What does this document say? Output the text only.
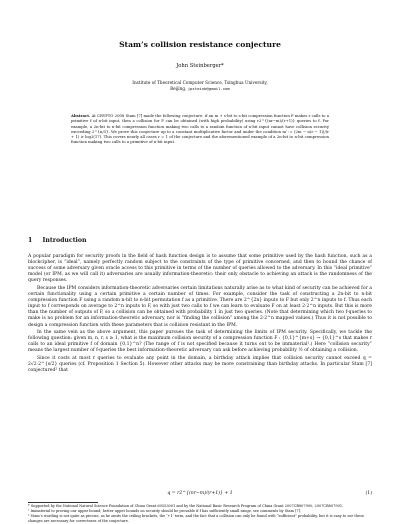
Stam’s collision resistance conjecture
John Steinberger*
Institute of Theoretical Computer Science, Tsinghua University,
Beijing, jpsteinb@gmail.com
Abstract. At CRYPTO 2008 Stam [7] made the following conjecture: if an m + s-bit to s-bit compression function F makes r calls to a primitive f of n-bit input, then a collision for F can be obtained (with high probability) using r2^{(nr−m)/(r+1)} queries to f. For example, a 2n-bit to n-bit compression function making two calls to a random function of n-bit input cannot have collision security exceeding 2^{n/3}. We prove this conjecture up to a constant multiplicative factor and under the condition m′ := (2m − n(r − 1))/(r + 1) ≥ log2(17). This covers nearly all cases r = 1 of the conjecture and the aforementioned example of a 2n-bit to n-bit compression function making two calls to a primitive of n-bit input.
1 Introduction

A popular paradigm for security proofs in the field of hash function design is to assume that some primitive used by the hash function, such as a blockcipher, is “ideal”, namely perfectly random subject to the constraints of the type of primitive concerned, and then to bound the chance of success of some adversary given oracle access to this primitive in terms of the number of queries allowed to the adversary. In this “ideal primitive” model (or IPM, as we will call it) adversaries are usually information-theoretic: their only obstacle to achieving an attack is the randomness of the query responses.

Because the IPM considers information-theoretic adversaries certain limitations naturally arise as to what kind of security can be achieved for a certain functionality using a certain primitive a certain number of times. For example, consider the task of constructing a 2n-bit to n-bit compression function F using a random n-bit to n-bit permutation f as a primitive. There are 2^{2n} inputs to F but only 2^n inputs to f. Thus each input to f corresponds on average to 2^n inputs to F, so with just two calls to f we can learn to evaluate F on at least 2·2^n inputs. But this is more than the number of outputs of F, so a collision can be obtained with probability 1 in just two queries. (Note that determining which two f-queries to make is no problem for an information-theoretic adversary, nor is “finding the collision” among the 2·2^n mapped values.) Thus it is not possible to design a compression function with these parameters that is collision resistant in the IPM.

In the same vein as the above argument, this paper pursues the task of determining the limits of IPM security. Specifically, we tackle the following question: given m, n, r, s ≥ 1, what is the maximum collision security of a compression function F : {0,1}^{m+s} → {0,1}^s that makes r calls to an ideal primitive f of domain {0,1}^n? (The range of f is not specified because it turns out to be immaterial¹.) Here “collision security” means the largest number of f-queries the best information-theoretic adversary can ask before achieving probability ½ of obtaining a collision.

Since it costs at most r queries to evaluate any point in the domain, a birthday attack implies that collision security cannot exceed q = 2√2·2^{s/2} queries (cf. Proposition 1 Section 5). However other attacks may be more constraining than birthday attacks. In particular Stam [7] conjectured² that

q = r2^{(nr−m)/(r+1)} + 1	(1)

* Supported by the National Natural Science Foundation of China Grant 60553001 and by the National Basic Research Program of China Grant 2007CB807900, 2007CB807901.

¹ Immaterial to proving our upper bound; better upper bounds on security should be provable if f has sufficiently small range, see comments by Stam [7].

² Stam’s wording is not quite as precise, as he omits the ceiling brackets, the ‘+1’ term, and the fact that a collision can only be found with “sufficient” probability, but it is easy to see these changes are necessary for correctness of the conjecture.
